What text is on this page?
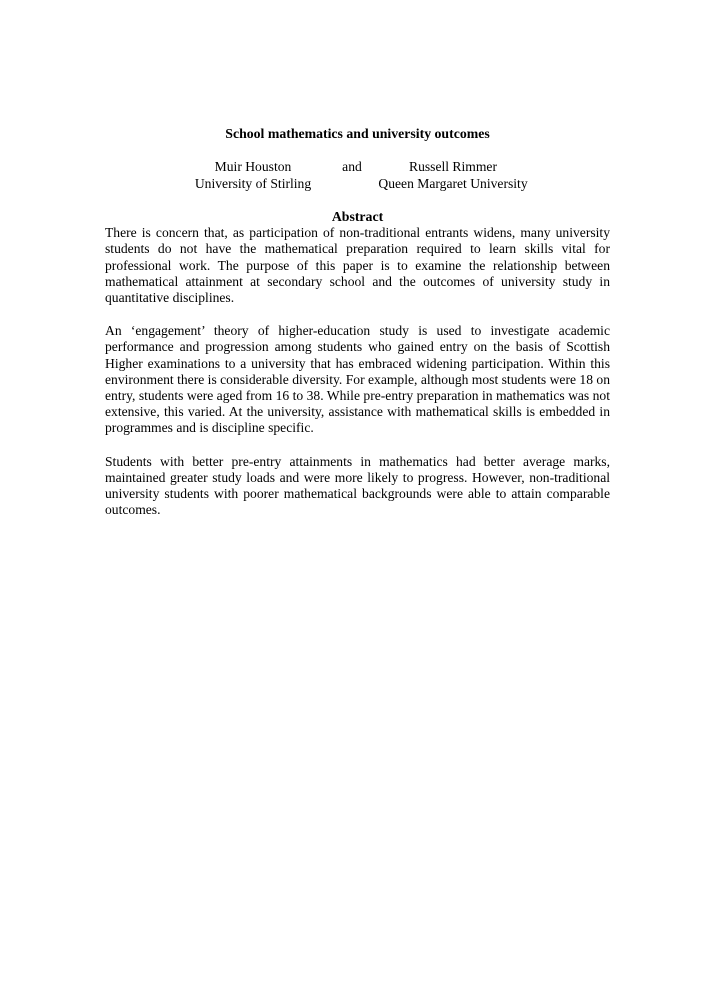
School mathematics and university outcomes
Muir Houston
University of Stirling
and	Russell Rimmer
Queen Margaret University
Abstract

There is concern that, as participation of non-traditional entrants widens, many university students do not have the mathematical preparation required to learn skills vital for professional work. The purpose of this paper is to examine the relationship between mathematical attainment at secondary school and the outcomes of university study in quantitative disciplines.

An ‘engagement’ theory of higher-education study is used to investigate academic performance and progression among students who gained entry on the basis of Scottish Higher examinations to a university that has embraced widening participation. Within this environment there is considerable diversity. For example, although most students were 18 on entry, students were aged from 16 to 38. While pre-entry preparation in mathematics was not extensive, this varied. At the university, assistance with mathematical skills is embedded in programmes and is discipline specific.

Students with better pre-entry attainments in mathematics had better average marks, maintained greater study loads and were more likely to progress. However, non-traditional university students with poorer mathematical backgrounds were able to attain comparable outcomes.
